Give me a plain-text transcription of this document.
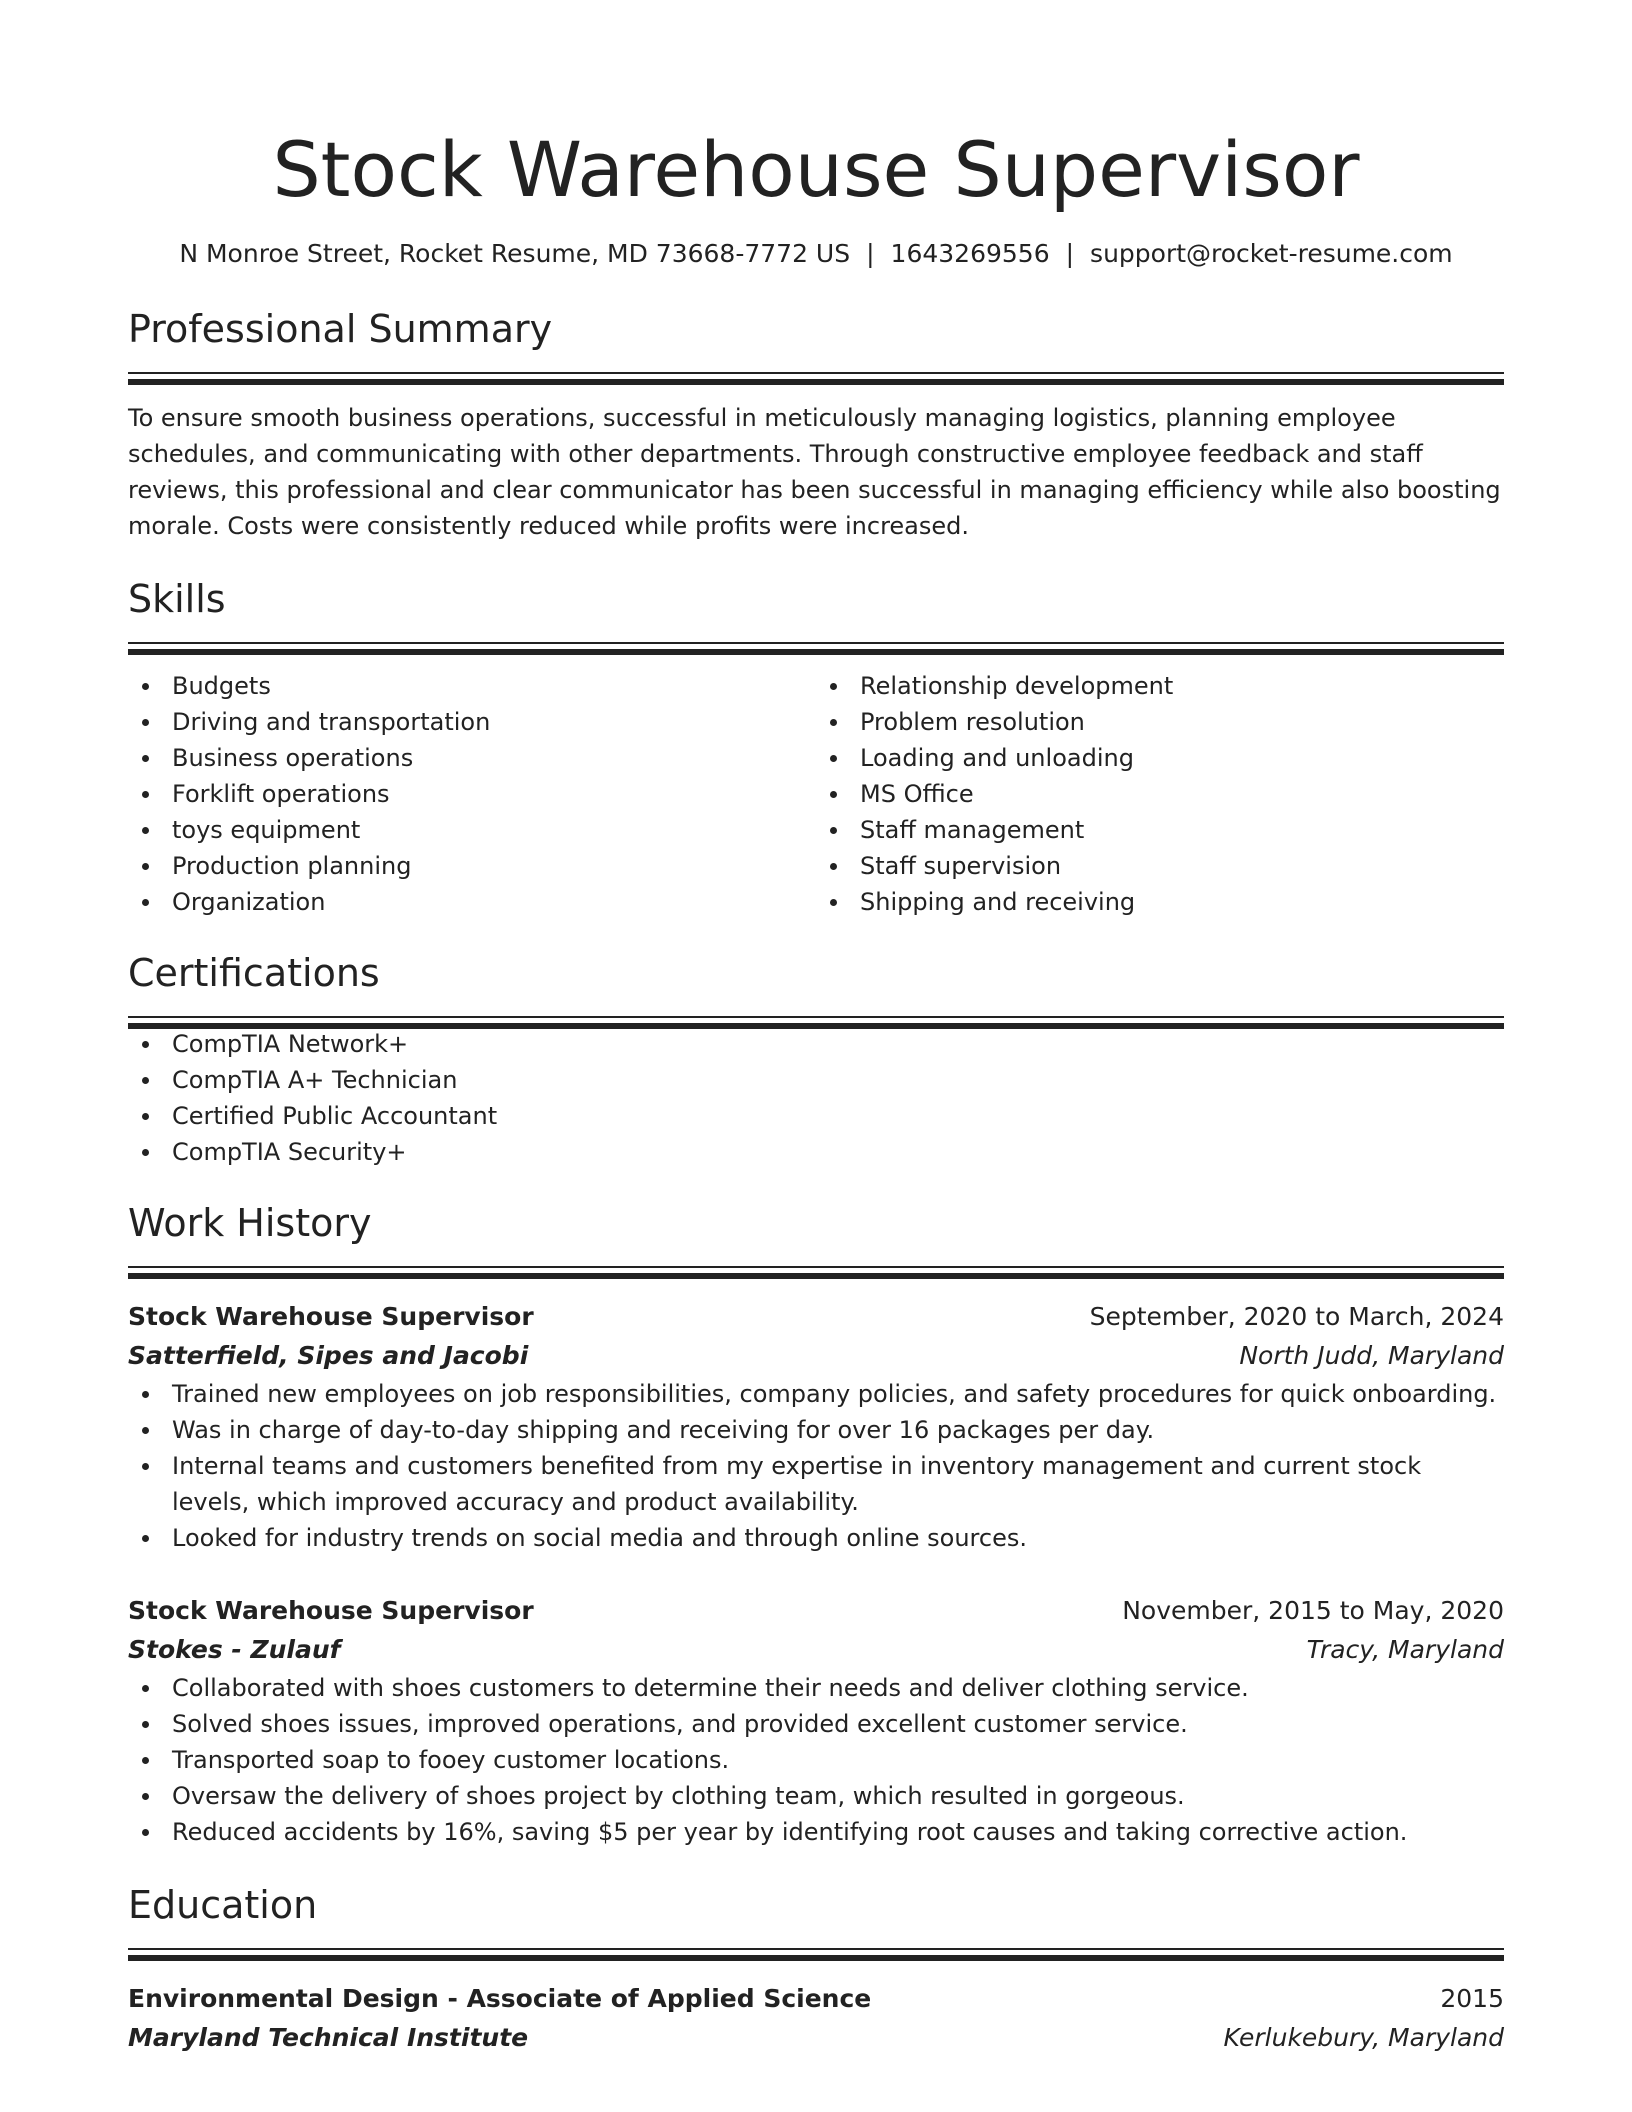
Stock Warehouse Supervisor
N Monroe Street, Rocket Resume, MD 73668-7772 US | 1643269556 | support@rocket-resume.com
Professional Summary
To ensure smooth business operations, successful in meticulously managing logistics, planning employee schedules, and communicating with other departments. Through constructive employee feedback and staff reviews, this professional and clear communicator has been successful in managing efficiency while also boosting morale. Costs were consistently reduced while profits were increased.
Skills
Budgets
Driving and transportation
Business operations
Forklift operations
toys equipment
Production planning
Organization
Relationship development
Problem resolution
Loading and unloading
MS Office
Staff management
Staff supervision
Shipping and receiving
Certifications
CompTIA Network+
CompTIA A+ Technician
Certified Public Accountant
CompTIA Security+
Work History
Stock Warehouse Supervisor	September, 2020 to March, 2024
Satterfield, Sipes and Jacobi	North Judd, Maryland
Trained new employees on job responsibilities, company policies, and safety procedures for quick onboarding.
Was in charge of day-to-day shipping and receiving for over 16 packages per day.
Internal teams and customers benefited from my expertise in inventory management and current stock levels, which improved accuracy and product availability.
Looked for industry trends on social media and through online sources.
Stock Warehouse Supervisor	November, 2015 to May, 2020
Stokes - Zulauf	Tracy, Maryland
Collaborated with shoes customers to determine their needs and deliver clothing service.
Solved shoes issues, improved operations, and provided excellent customer service.
Transported soap to fooey customer locations.
Oversaw the delivery of shoes project by clothing team, which resulted in gorgeous.
Reduced accidents by 16%, saving $5 per year by identifying root causes and taking corrective action.
Education
Environmental Design - Associate of Applied Science	2015
Maryland Technical Institute	Kerlukebury, Maryland
